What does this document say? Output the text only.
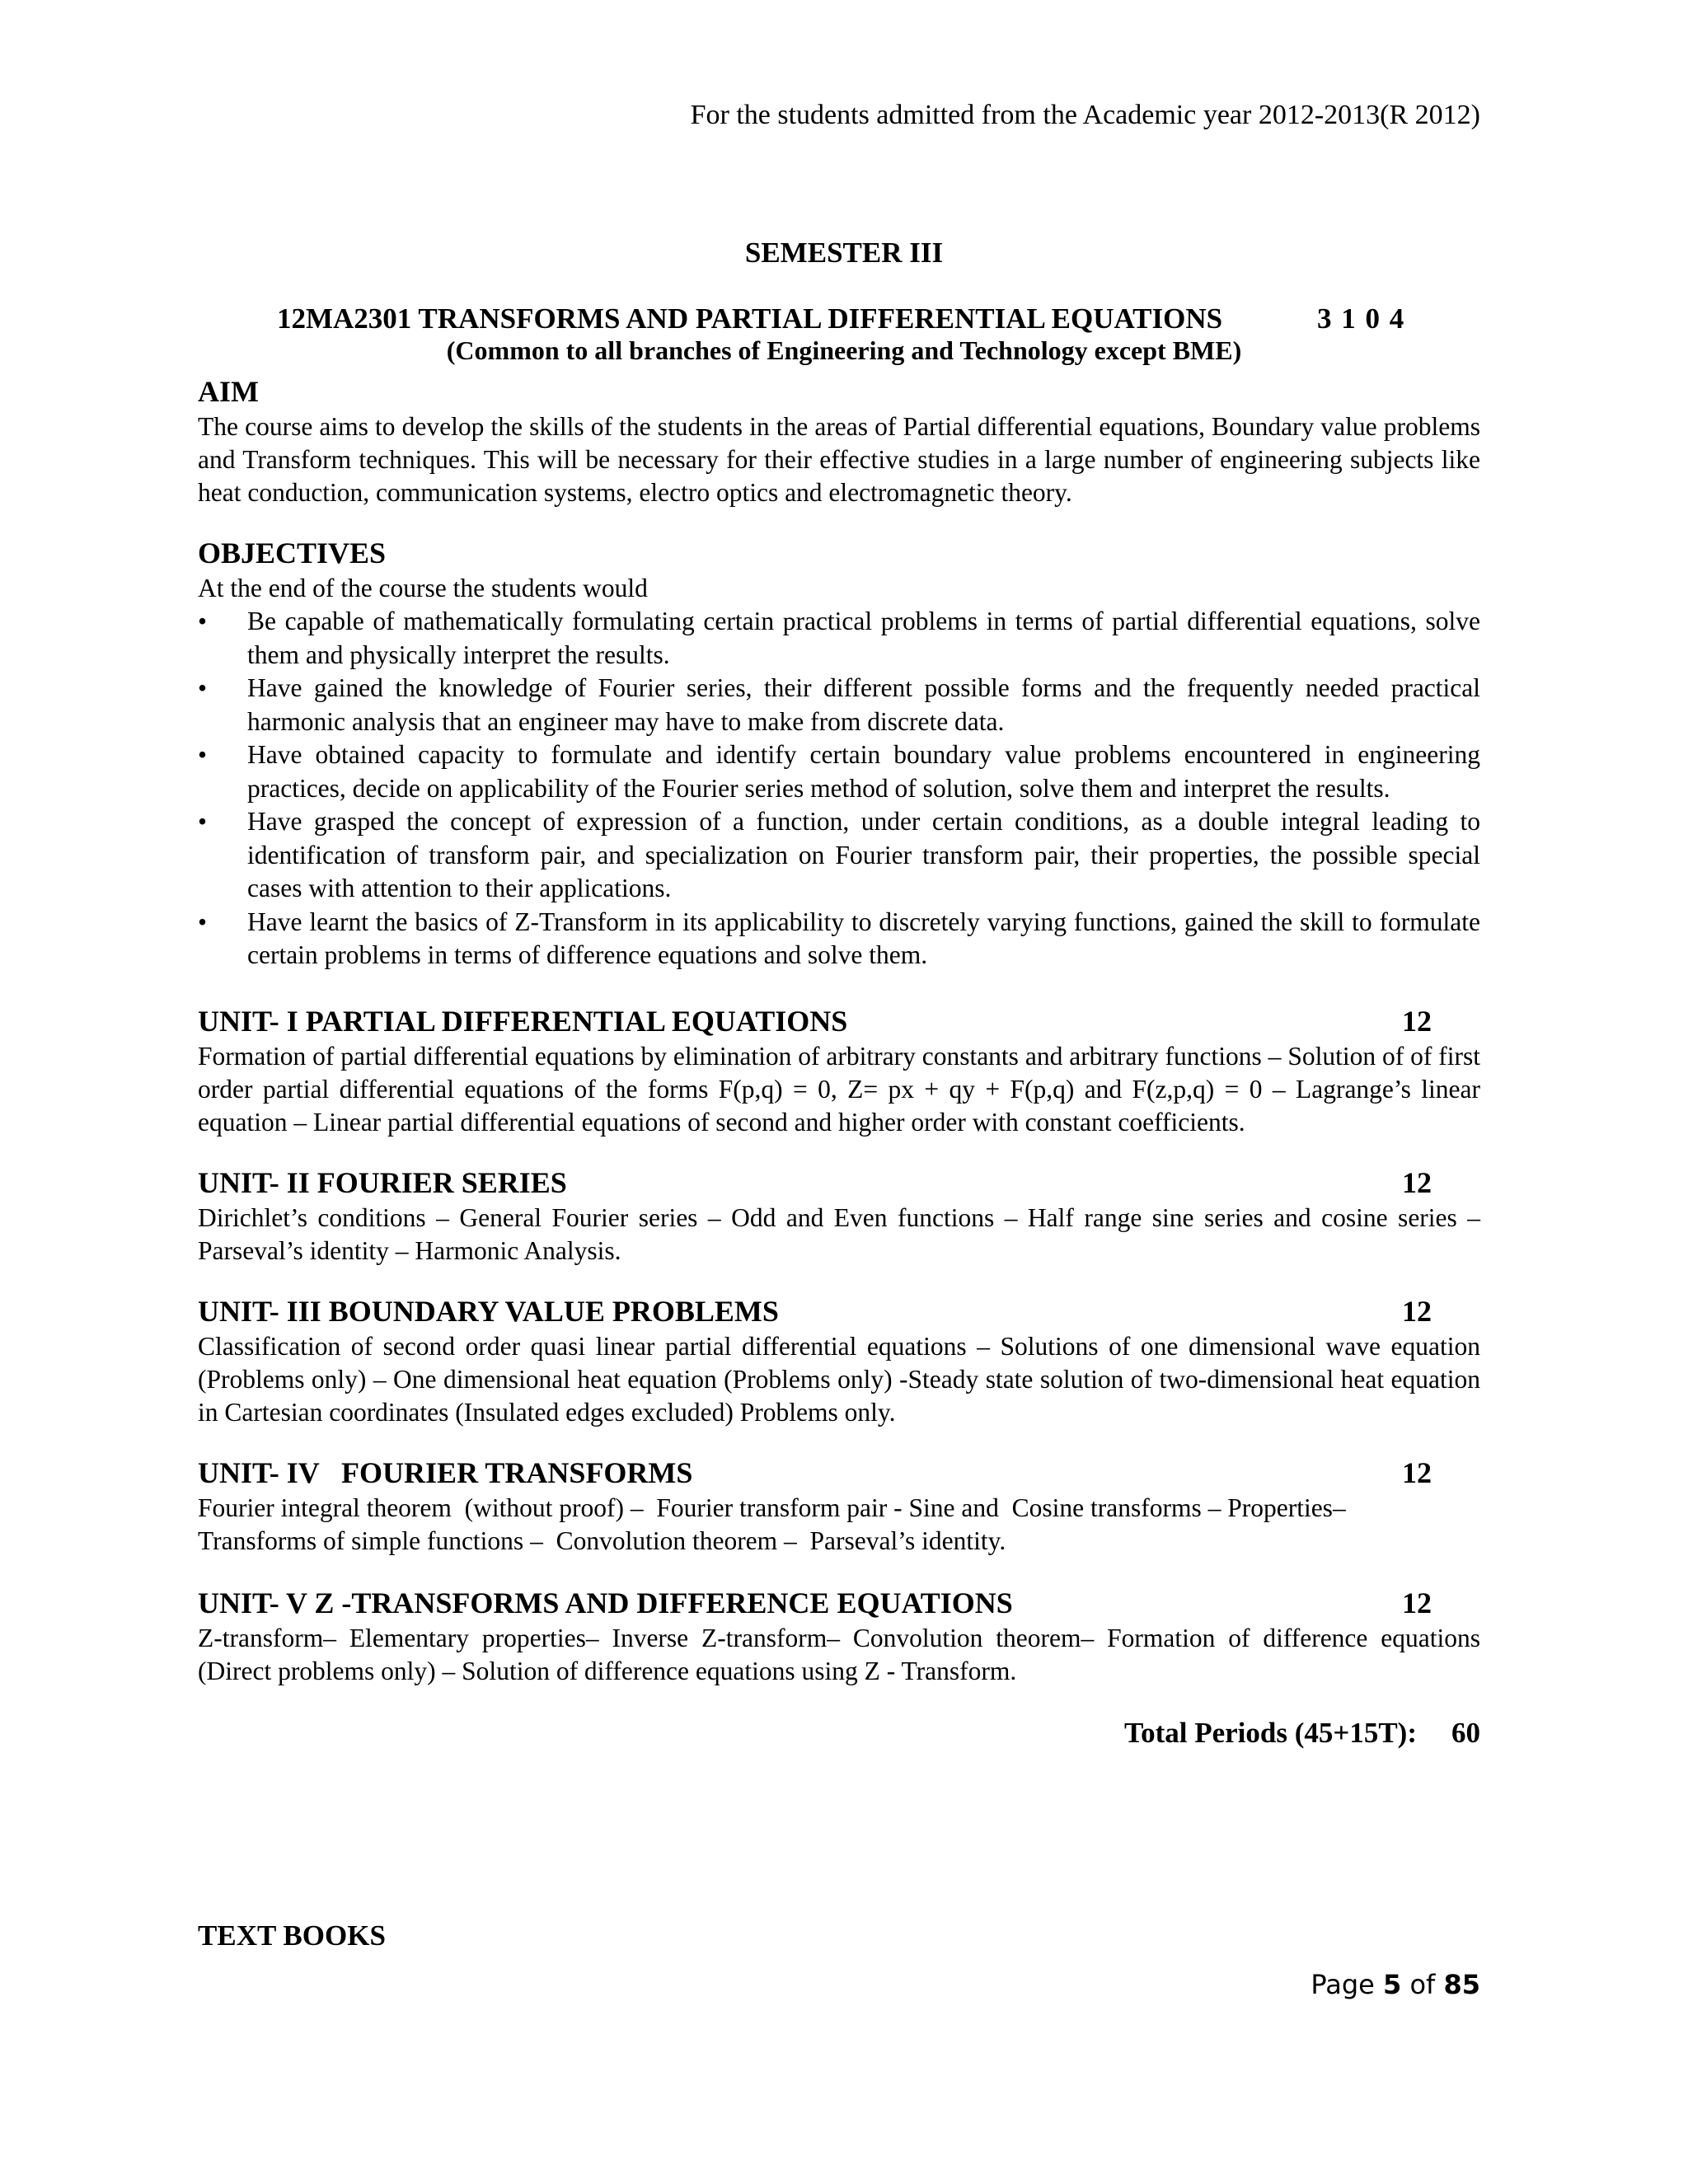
For the students admitted from the Academic year 2012-2013(R 2012)
SEMESTER III
12MA2301 TRANSFORMS AND PARTIAL DIFFERENTIAL EQUATIONS	3 1 0 4
(Common to all branches of Engineering and Technology except BME)
AIM

The course aims to develop the skills of the students in the areas of Partial differential equations, Boundary value problems and Transform techniques. This will be necessary for their effective studies in a large number of engineering subjects like heat conduction, communication systems, electro optics and electromagnetic theory.

OBJECTIVES

At the end of the course the students would

•	Be capable of mathematically formulating certain practical problems in terms of partial differential equations, solve them and physically interpret the results.
•	Have gained the knowledge of Fourier series, their different possible forms and the frequently needed practical harmonic analysis that an engineer may have to make from discrete data.
•	Have obtained capacity to formulate and identify certain boundary value problems encountered in engineering practices, decide on applicability of the Fourier series method of solution, solve them and interpret the results.
•	Have grasped the concept of expression of a function, under certain conditions, as a double integral leading to identification of transform pair, and specialization on Fourier transform pair, their properties, the possible special cases with attention to their applications.
•	Have learnt the basics of Z-Transform in its applicability to discretely varying functions, gained the skill to formulate certain problems in terms of difference equations and solve them.
UNIT- I PARTIAL DIFFERENTIAL EQUATIONS	12

Formation of partial differential equations by elimination of arbitrary constants and arbitrary functions – Solution of of first order partial differential equations of the forms F(p,q) = 0, Z= px + qy + F(p,q) and F(z,p,q) = 0 – Lagrange’s linear equation – Linear partial differential equations of second and higher order with constant coefficients.

UNIT- II FOURIER SERIES	12

Dirichlet’s conditions – General Fourier series – Odd and Even functions – Half range sine series and cosine series – Parseval’s identity – Harmonic Analysis.

UNIT- III BOUNDARY VALUE PROBLEMS	12

Classification of second order quasi linear partial differential equations – Solutions of one dimensional wave equation (Problems only) – One dimensional heat equation (Problems only) -Steady state solution of two-dimensional heat equation in Cartesian coordinates (Insulated edges excluded) Problems only.

UNIT- IV   FOURIER TRANSFORMS	12

Fourier integral theorem  (without proof) –  Fourier transform pair - Sine and  Cosine transforms – Properties– Transforms of simple functions –  Convolution theorem –  Parseval’s identity.

UNIT- V Z -TRANSFORMS AND DIFFERENCE EQUATIONS	12

Z-transform– Elementary properties– Inverse Z-transform– Convolution theorem– Formation of difference equations (Direct problems only) – Solution of difference equations using Z - Transform.

Total Periods (45+15T): 60
TEXT BOOKS
Page 5 of 85
